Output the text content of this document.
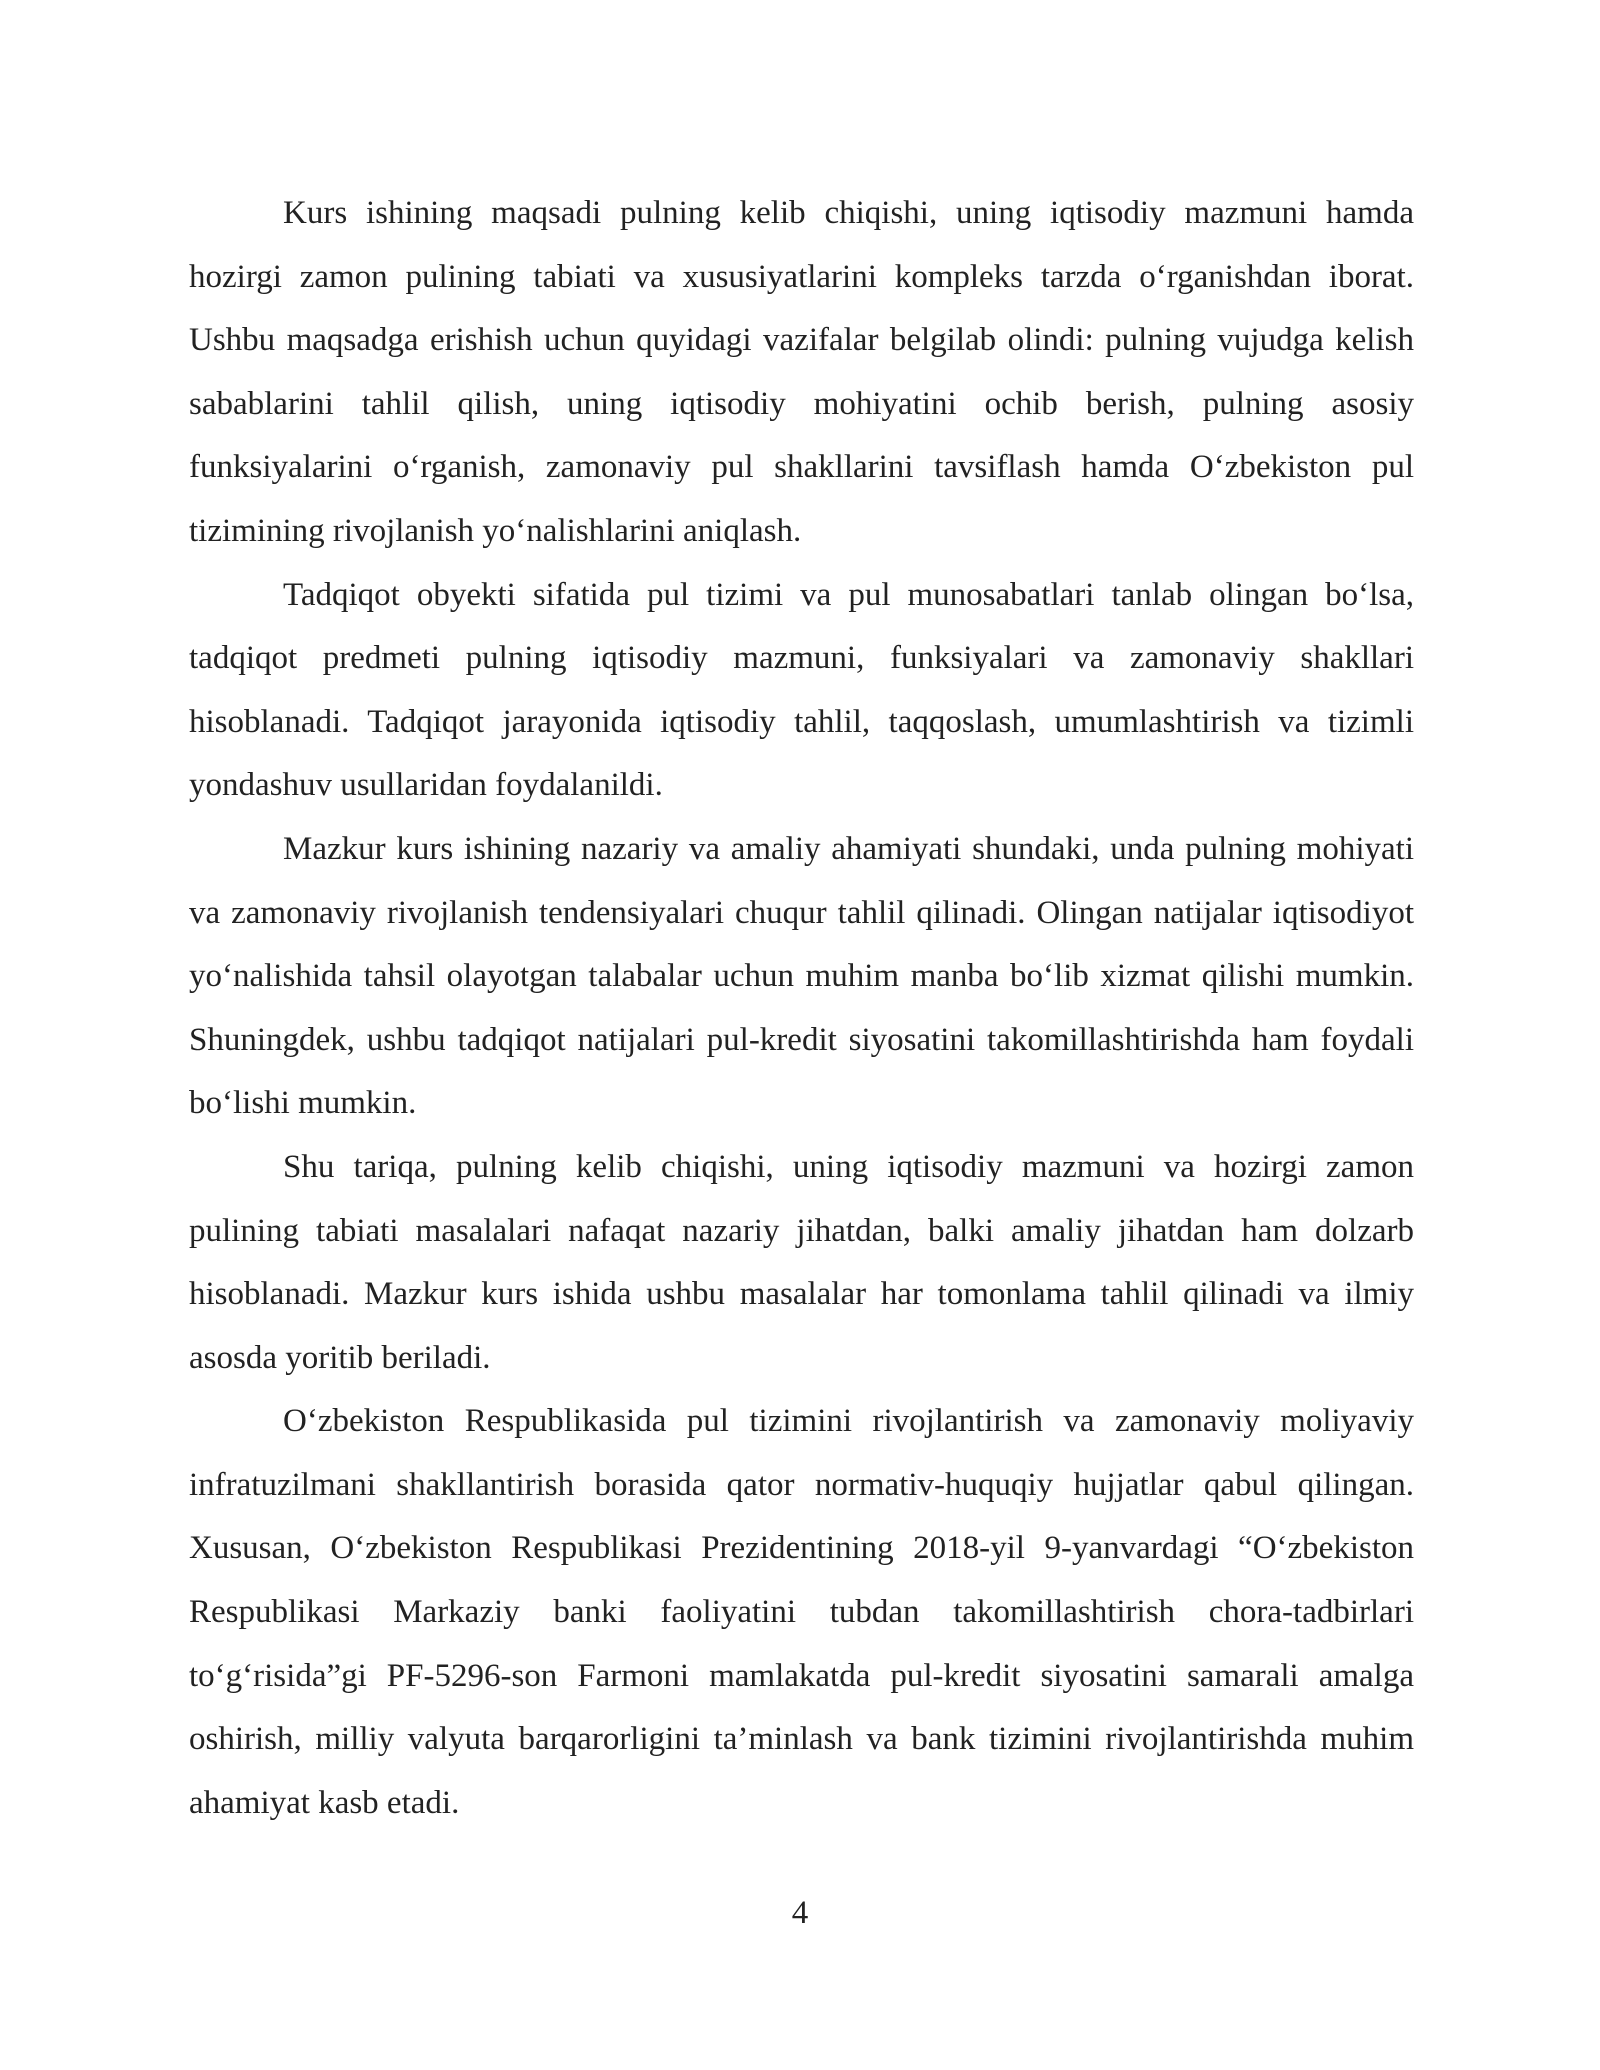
Kurs ishining maqsadi pulning kelib chiqishi, uning iqtisodiy mazmuni hamda hozirgi zamon pulining tabiati va xususiyatlarini kompleks tarzda o‘rganishdan iborat. Ushbu maqsadga erishish uchun quyidagi vazifalar belgilab olindi: pulning vujudga kelish sabablarini tahlil qilish, uning iqtisodiy mohiyatini ochib berish, pulning asosiy funksiyalarini o‘rganish, zamonaviy pul shakllarini tavsiflash hamda O‘zbekiston pul tizimining rivojlanish yo‘nalishlarini aniqlash.

Tadqiqot obyekti sifatida pul tizimi va pul munosabatlari tanlab olingan bo‘lsa, tadqiqot predmeti pulning iqtisodiy mazmuni, funksiyalari va zamonaviy shakllari hisoblanadi. Tadqiqot jarayonida iqtisodiy tahlil, taqqoslash, umumlashtirish va tizimli yondashuv usullaridan foydalanildi.

Mazkur kurs ishining nazariy va amaliy ahamiyati shundaki, unda pulning mohiyati va zamonaviy rivojlanish tendensiyalari chuqur tahlil qilinadi. Olingan natijalar iqtisodiyot yo‘nalishida tahsil olayotgan talabalar uchun muhim manba bo‘lib xizmat qilishi mumkin. Shuningdek, ushbu tadqiqot natijalari pul-kredit siyosatini takomillashtirishda ham foydali bo‘lishi mumkin.

Shu tariqa, pulning kelib chiqishi, uning iqtisodiy mazmuni va hozirgi zamon pulining tabiati masalalari nafaqat nazariy jihatdan, balki amaliy jihatdan ham dolzarb hisoblanadi. Mazkur kurs ishida ushbu masalalar har tomonlama tahlil qilinadi va ilmiy asosda yoritib beriladi.

O‘zbekiston Respublikasida pul tizimini rivojlantirish va zamonaviy moliyaviy infratuzilmani shakllantirish borasida qator normativ-huquqiy hujjatlar qabul qilingan. Xususan, O‘zbekiston Respublikasi Prezidentining 2018-yil 9-yanvardagi “O‘zbekiston Respublikasi Markaziy banki faoliyatini tubdan takomillashtirish chora-tadbirlari to‘g‘risida”gi PF-5296-son Farmoni mamlakatda pul-kredit siyosatini samarali amalga oshirish, milliy valyuta barqarorligini ta’minlash va bank tizimini rivojlantirishda muhim ahamiyat kasb etadi.

4
